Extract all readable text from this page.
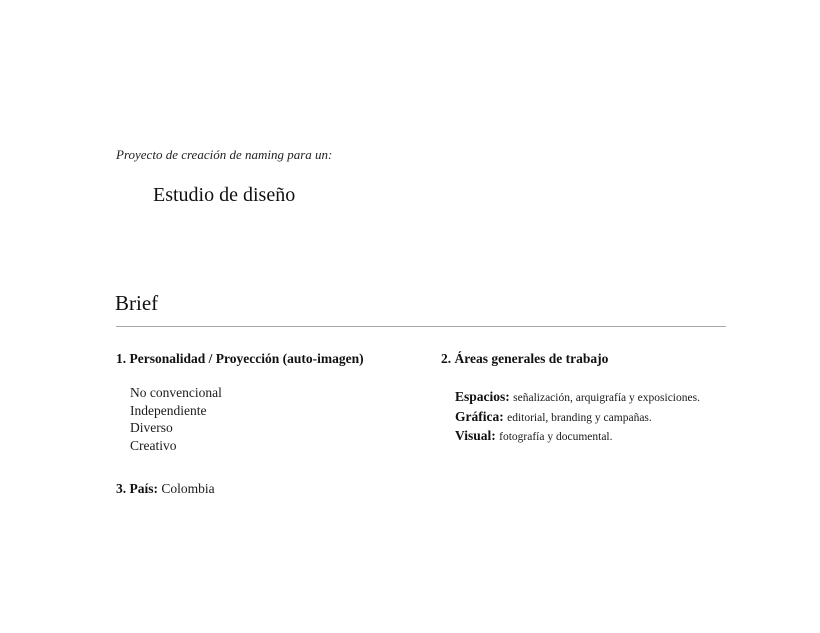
Proyecto de creación de naming para un:

Estudio de diseño
Brief
1. Personalidad / Proyección (auto-imagen)
No convencional
Independiente
Diverso
Creativo
2. Áreas generales de trabajo
Espacios: señalización, arquigrafía y exposiciones.
Gráfica: editorial, branding y campañas.
Visual: fotografía y documental.

3. País: Colombia
